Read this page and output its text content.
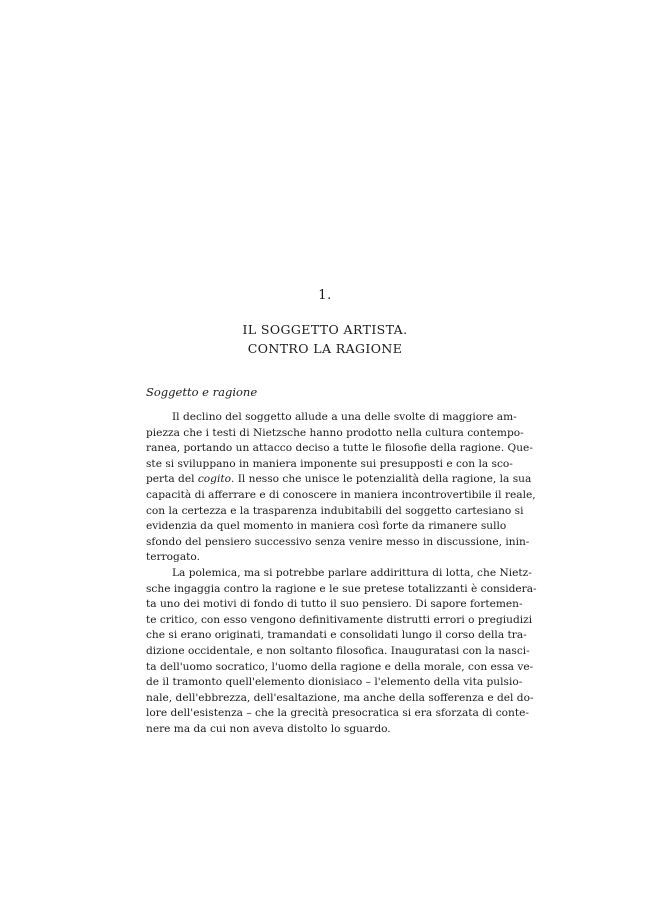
1.
IL SOGGETTO ARTISTA.
CONTRO LA RAGIONE
Soggetto e ragione
Il declino del soggetto allude a una delle svolte di maggiore am-
piezza che i testi di Nietzsche hanno prodotto nella cultura contempo-
ranea, portando un attacco deciso a tutte le filosofie della ragione. Que-
ste si sviluppano in maniera imponente sui presupposti e con la sco-
perta del cogito. Il nesso che unisce le potenzialità della ragione, la sua
capacità di afferrare e di conoscere in maniera incontrovertibile il reale,
con la certezza e la trasparenza indubitabili del soggetto cartesiano si
evidenzia da quel momento in maniera così forte da rimanere sullo
sfondo del pensiero successivo senza venire messo in discussione, inin-
terrogato.
La polemica, ma si potrebbe parlare addirittura di lotta, che Nietz-
sche ingaggia contro la ragione e le sue pretese totalizzanti è considera-
ta uno dei motivi di fondo di tutto il suo pensiero. Di sapore fortemen-
te critico, con esso vengono definitivamente distrutti errori o pregiudizi
che si erano originati, tramandati e consolidati lungo il corso della tra-
dizione occidentale, e non soltanto filosofica. Inauguratasi con la nasci-
ta dell'uomo socratico, l'uomo della ragione e della morale, con essa ve-
de il tramonto quell'elemento dionisiaco – l'elemento della vita pulsio-
nale, dell'ebbrezza, dell'esaltazione, ma anche della sofferenza e del do-
lore dell'esistenza – che la grecità presocratica si era sforzata di conte-
nere ma da cui non aveva distolto lo sguardo.
